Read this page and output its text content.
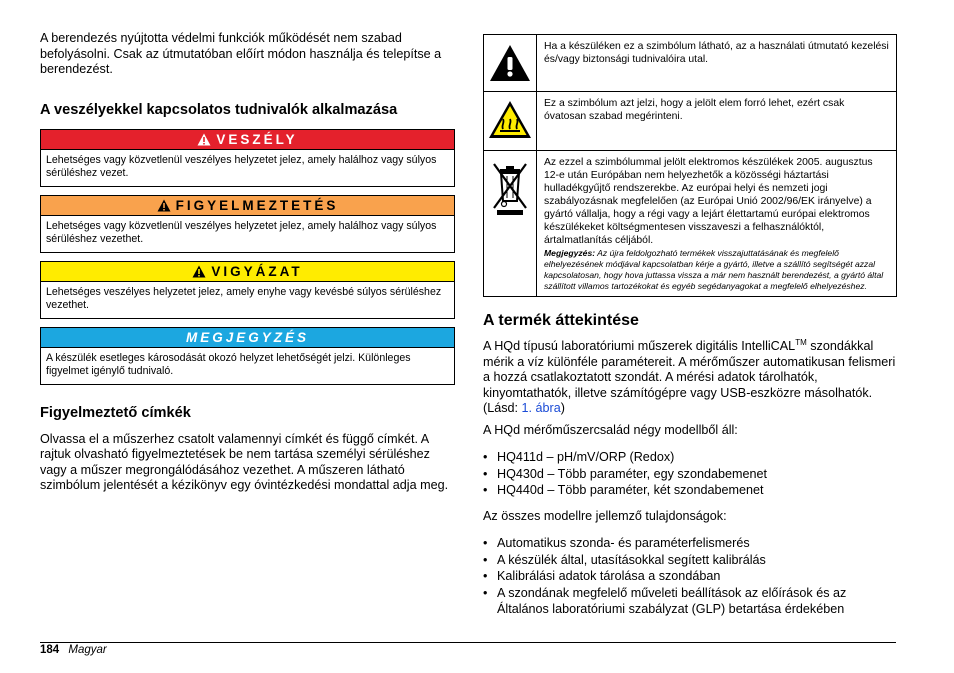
A berendezés nyújtotta védelmi funkciók működését nem szabad befolyásolni. Csak az útmutatóban előírt módon használja és telepítse a berendezést.

A veszélyekkel kapcsolatos tudnivalók alkalmazása
VESZÉLY
Lehetséges vagy közvetlenül veszélyes helyzetet jelez, amely halálhoz vagy súlyos sérüléshez vezet.
FIGYELMEZTETÉS
Lehetséges vagy közvetlenül veszélyes helyzetet jelez, amely halálhoz vagy súlyos sérüléshez vezethet.
VIGYÁZAT
Lehetséges veszélyes helyzetet jelez, amely enyhe vagy kevésbé súlyos sérüléshez vezethet.
MEGJEGYZÉS
A készülék esetleges károsodását okozó helyzet lehetőségét jelzi. Különleges figyelmet igénylő tudnivaló.
Figyelmeztető címkék

Olvassa el a műszerhez csatolt valamennyi címkét és függő címkét. A rajtuk olvasható figyelmeztetések be nem tartása személyi sérüléshez vagy a műszer megrongálódásához vezethet. A műszeren látható szimbólum jelentését a kézikönyv egy óvintézkedési mondattal adja meg.

	Ha a készüléken ez a szimbólum látható, az a használati útmutató kezelési és/vagy biztonsági tudnivalóira utal.
	Ez a szimbólum azt jelzi, hogy a jelölt elem forró lehet, ezért csak óvatosan szabad megérinteni.

Az ezzel a szimbólummal jelölt elektromos készülékek 2005. augusztus 12-e után Európában nem helyezhetők a közösségi háztartási hulladékgyűjtő rendszerekbe. Az európai helyi és nemzeti jogi szabályozásnak megfelelően (az Európai Unió 2002/96/EK irányelve) a gyártó vállalja, hogy a régi vagy a lejárt élettartamú európai elektromos készülékeket költségmentesen visszaveszi a felhasználóktól, ártalmatlanítás céljából.
Megjegyzés: Az újra feldolgozható termékek visszajuttatásának és megfelelő elhelyezésének módjával kapcsolatban kérje a gyártó, illetve a szállító segítségét azzal kapcsolatosan, hogy hova juttassa vissza a már nem használt berendezést, a gyártó által szállított villamos tartozékokat és egyéb segédanyagokat a megfelelő elhelyezéshez.
A termék áttekintése

A HQd típusú laboratóriumi műszerek digitális IntelliCAL™ szondákkal mérik a víz különféle paramétereit. A mérőműszer automatikusan felismeri a hozzá csatlakoztatott szondát. A mérési adatok tárolhatók, kinyomtathatók, illetve számítógépre vagy USB-eszközre másolhatók. (Lásd: 1. ábra)

A HQd mérőműszercsalád négy modellből áll:

• HQ411d – pH/mV/ORP (Redox)
• HQ430d – Több paraméter, egy szondabemenet
• HQ440d – Több paraméter, két szondabemenet

Az összes modellre jellemző tulajdonságok:

• Automatikus szonda- és paraméterfelismerés
• A készülék által, utasításokkal segített kalibrálás
• Kalibrálási adatok tárolása a szondában
• A szondának megfelelő műveleti beállítások az előírások és az Általános laboratóriumi szabályzat (GLP) betartása érdekében
184 Magyar
